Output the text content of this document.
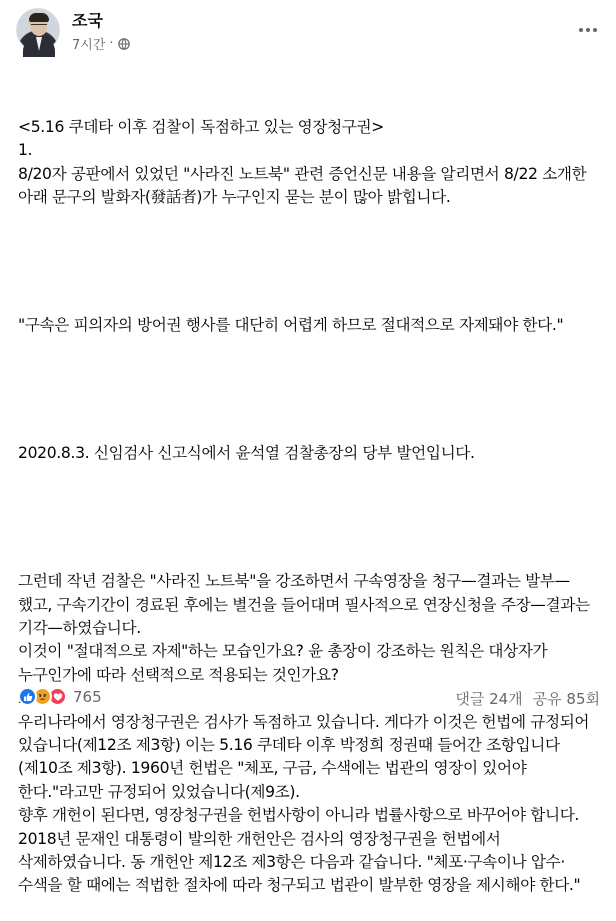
조국
7시간 ·

<5.16 쿠데타 이후 검찰이 독점하고 있는 영장청구권>
1.
8/20자 공판에서 있었던 "사라진 노트북" 관련 증언신문 내용을 알리면서 8/22 소개한 아래 문구의 발화자(發話者)가 누구인지 묻는 분이 많아 밝힙니다.

"구속은 피의자의 방어권 행사를 대단히 어렵게 하므로 절대적으로 자제돼야 한다."

2020.8.3. 신임검사 신고식에서 윤석열 검찰총장의 당부 발언입니다.

그런데 작년 검찰은 "사라진 노트북"을 강조하면서 구속영장을 청구—결과는 발부—했고, 구속기간이 경료된 후에는 별건을 들어대며 필사적으로 연장신청을 주장—결과는 기각—하였습니다.
이것이 "절대적으로 자제"하는 모습인가요? 윤 총장이 강조하는 원칙은 대상자가 누구인가에 따라 선택적으로 적용되는 것인가요?

우리나라에서 영장청구권은 검사가 독점하고 있습니다. 게다가 이것은 헌법에 규정되어 있습니다(제12조 제3항) 이는 5.16 쿠데타 이후 박정희 정권때 들어간 조항입니다(제10조 제3항). 1960년 헌법은 "체포, 구금, 수색에는 법관의 영장이 있어야 한다."라고만 규정되어 있었습니다(제9조).
향후 개헌이 된다면, 영장청구권을 헌법사항이 아니라 법률사항으로 바꾸어야 합니다. 2018년 문재인 대통령이 발의한 개헌안은 검사의 영장청구권을 헌법에서 삭제하였습니다. 동 개헌안 제12조 제3항은 다음과 같습니다. "체포·구속이나 압수·수색을 할 때에는 적법한 절차에 따라 청구되고 법관이 발부한 영장을 제시해야 한다."

765	댓글 24개 공유 85회
